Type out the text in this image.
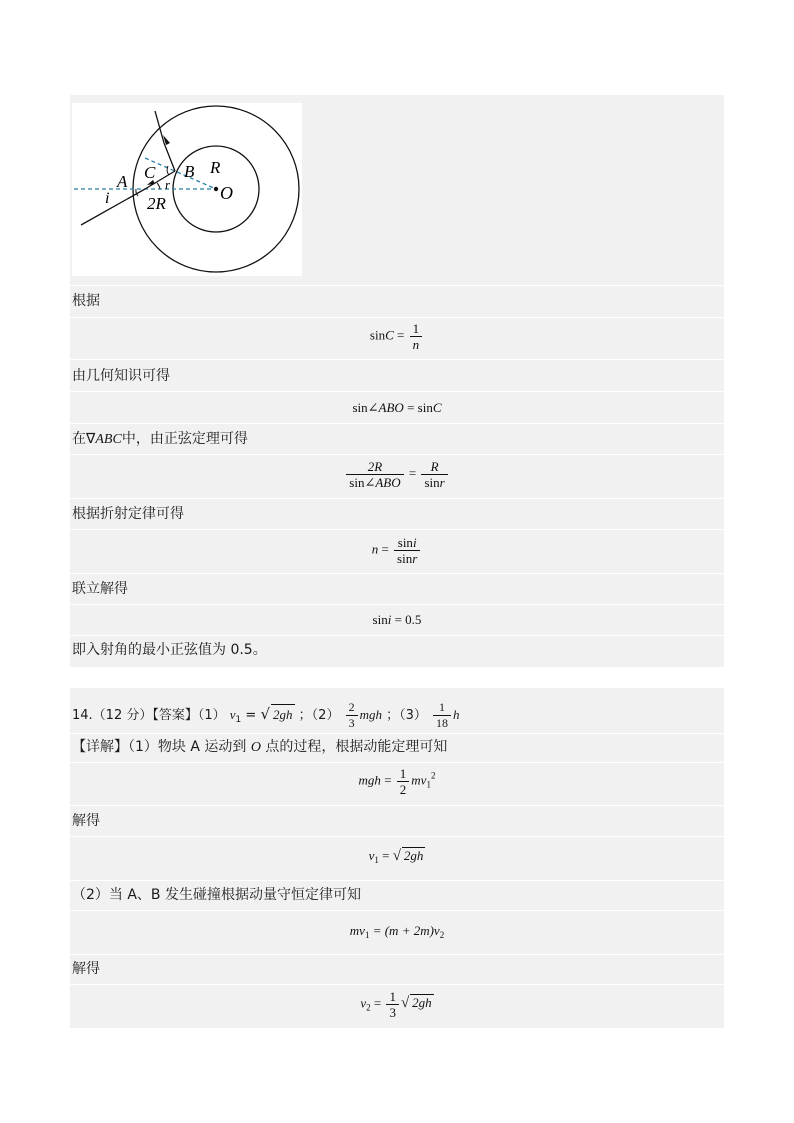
A C B R
O
i
r
2R
根据
$\sin C = \frac{1}{n}$
由几何知识可得
sin∠ABO = sinC
在∇ABC中，由正弦定理可得
$\frac{2R}{\text{sin∠ABO}} = \frac{R}{\sin r}$
根据折射定律可得
$n = \frac{\sin i}{\sin r}$
联立解得
sini = 0.5
即入射角的最小正弦值为 0.5。
14.（12 分）【答案】（1） $v_1$ = √ 2gh ；$(2) \frac{2}{3}$ mgh ；$(3) \frac{1}{18}$ h
【详解】（1）物块 A 运动到 O 点的过程，根据动能定理可知
mgh = $\frac{1}{2} mv_1^2$
解得
$v_1$ = √ 2gh
（2）当 A、B 发生碰撞根据动量守恒定律可知
$mv_1 = (m + 2m)v_2$
解得
$v_2 = \frac{1}{3}$ √ 2gh
